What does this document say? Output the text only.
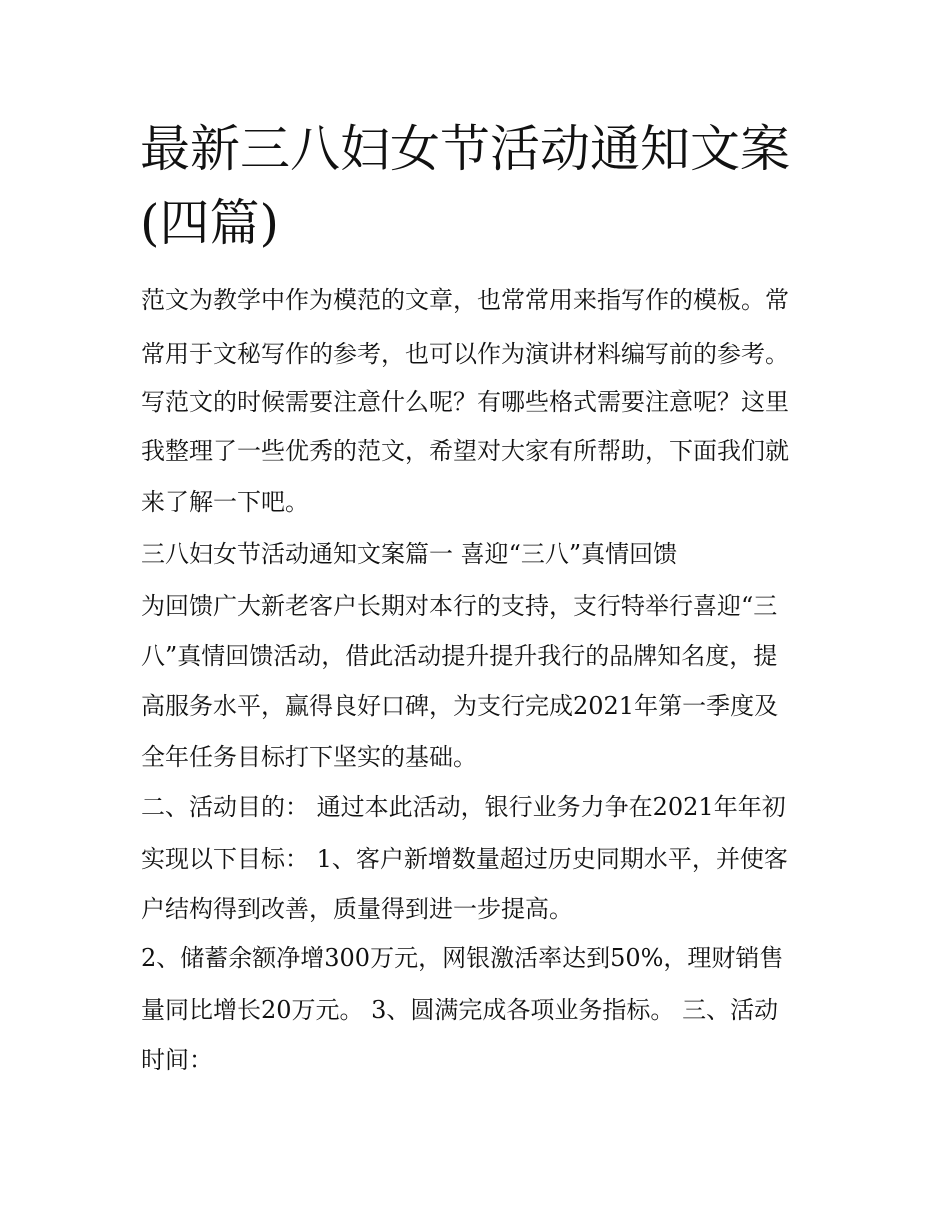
最新三八妇女节活动通知文案
(四篇)

范文为教学中作为模范的文章，也常常用来指写作的模板。常

常用于文秘写作的参考，也可以作为演讲材料编写前的参考。

写范文的时候需要注意什么呢？有哪些格式需要注意呢？这里

我整理了一些优秀的范文，希望对大家有所帮助，下面我们就

来了解一下吧。

三八妇女节活动通知文案篇一 喜迎“三八”真情回馈

为回馈广大新老客户长期对本行的支持，支行特举行喜迎“三

八”真情回馈活动，借此活动提升提升我行的品牌知名度，提

高服务水平，赢得良好口碑，为支行完成2021年第一季度及

全年任务目标打下坚实的基础。

二、活动目的： 通过本此活动，银行业务力争在2021年年初

实现以下目标： 1、客户新增数量超过历史同期水平，并使客

户结构得到改善，质量得到进一步提高。

2、储蓄余额净增300万元，网银激活率达到50%，理财销售

量同比增长20万元。 3、圆满完成各项业务指标。 三、活动

时间：
